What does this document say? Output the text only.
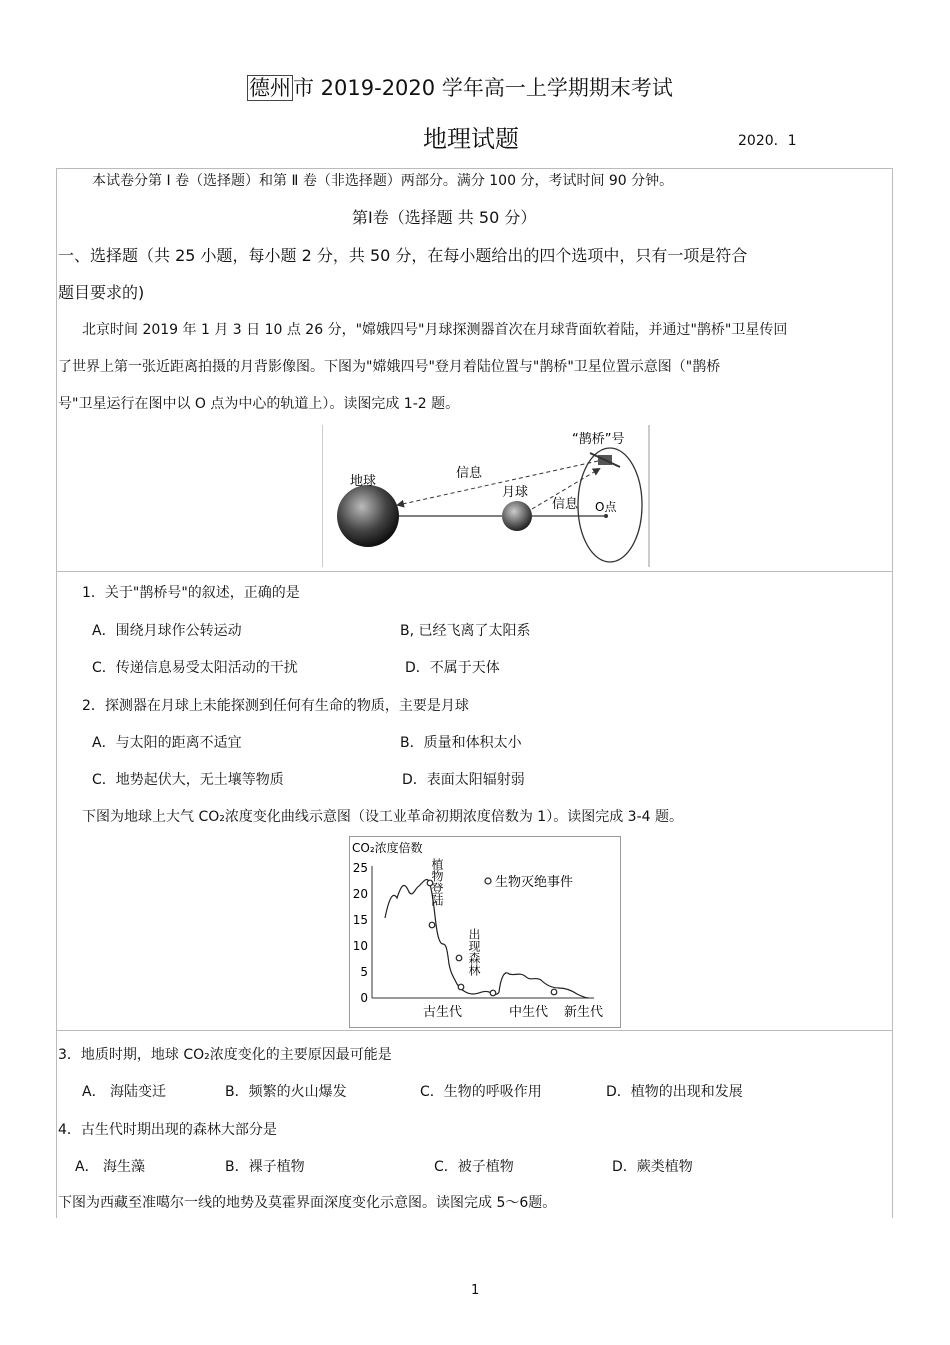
德州市 2019-2020 学年高一上学期期末考试
地理试题	2020．1
本试卷分第 Ⅰ 卷（选择题）和第 Ⅱ 卷（非选择题）两部分。满分 100 分，考试时间 90 分钟。
第Ⅰ卷（选择题 共 50 分）
一、选择题（共 25 小题，每小题 2 分，共 50 分，在每小题给出的四个选项中，只有一项是符合
题目要求的)
北京时间 2019 年 1 月 3 日 10 点 26 分，"嫦娥四号"月球探测器首次在月球背面软着陆，并通过"鹊桥"卫星传回
了世界上第一张近距离拍摄的月背影像图。下图为"嫦娥四号"登月着陆位置与"鹊桥"卫星位置示意图（"鹊桥
号"卫星运行在图中以 O 点为中心的轨道上）。读图完成 1-2 题。
地球
月球
“鹊桥”号
信息
信息 O点
1．关于"鹊桥号"的叙述，正确的是
A．围绕月球作公转运动	B, 已经飞离了太阳系
C．传递信息易受太阳活动的干扰	D．不属于天体
2．探测器在月球上未能探测到任何有生命的物质，主要是月球
A．与太阳的距离不适宜	B．质量和体积太小
C．地势起伏大，无土壤等物质	D．表面太阳辐射弱
下图为地球上大气 CO₂浓度变化曲线示意图（设工业革命初期浓度倍数为 1）。读图完成 3-4 题。
CO₂浓度倍数
25
20
15
10
5
0
生物灭绝事件
植物登陆
出现森林
古生代	中生代 新生代
3．地质时期，地球 CO₂浓度变化的主要原因最可能是
A． 海陆变迁	B．频繁的火山爆发	C．生物的呼吸作用	D．植物的出现和发展
4．古生代时期出现的森林大部分是
A． 海生藻	B．裸子植物	C．被子植物	D．蕨类植物
下图为西藏至准噶尔一线的地势及莫霍界面深度变化示意图。读图完成 5～6题。
1
